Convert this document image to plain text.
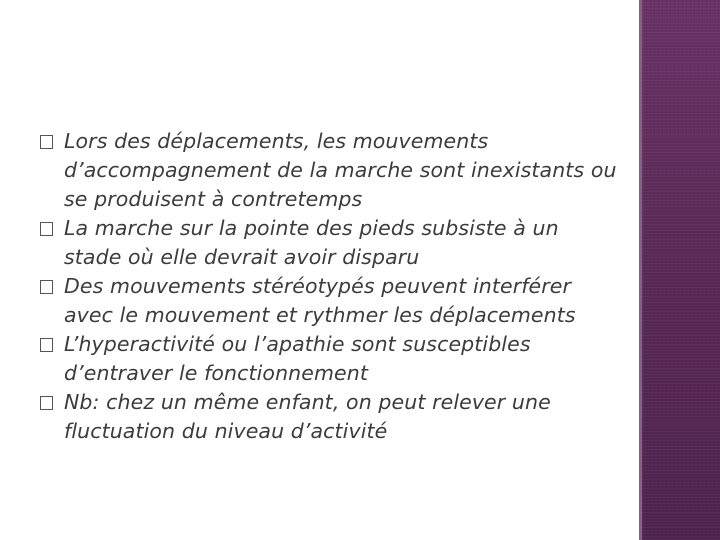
Lors des déplacements, les mouvements d’accompagnement de la marche sont inexistants ou se produisent à contretemps
La marche sur la pointe des pieds subsiste à un stade où elle devrait avoir disparu
Des mouvements stéréotypés peuvent interférer avec le mouvement et rythmer les déplacements
L’hyperactivité ou l’apathie sont susceptibles d’entraver le fonctionnement
Nb: chez un même enfant, on peut relever une fluctuation du niveau d’activité
